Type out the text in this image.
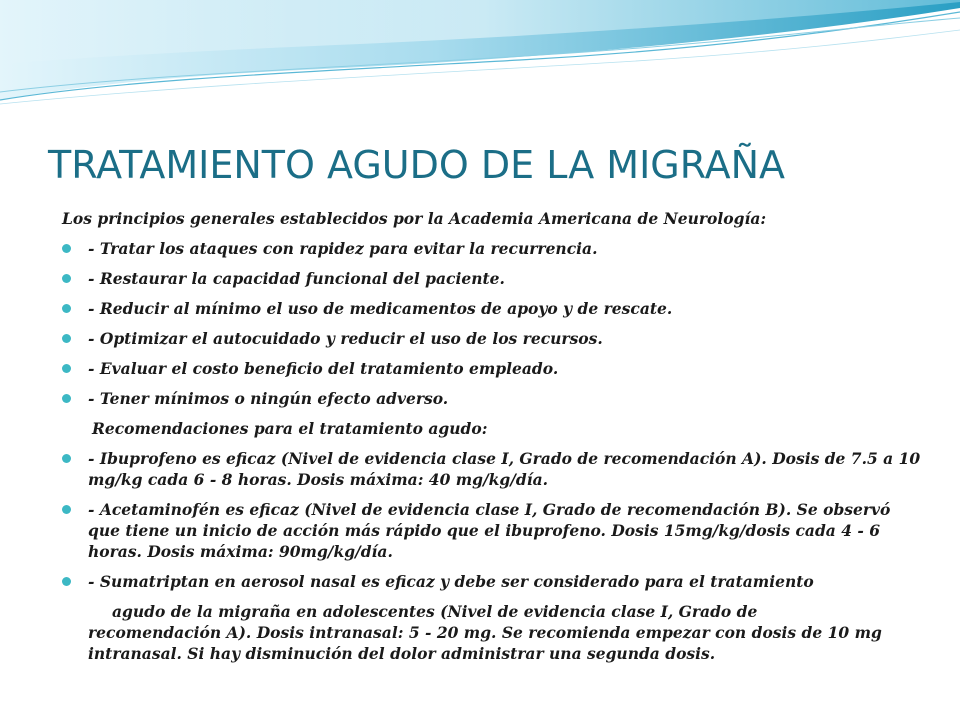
TRATAMIENTO AGUDO DE LA MIGRAÑA

Los principios generales establecidos por la Academia Americana de Neurología:

- Tratar los ataques con rapidez para evitar la recurrencia.
- Restaurar la capacidad funcional del paciente.
- Reducir al mínimo el uso de medicamentos de apoyo y de rescate.
- Optimizar el autocuidado y reducir el uso de los recursos.
- Evaluar el costo beneficio del tratamiento empleado.
- Tener mínimos o ningún efecto adverso.

Recomendaciones para el tratamiento agudo:

- Ibuprofeno es eficaz (Nivel de evidencia clase I, Grado de recomendación A). Dosis de 7.5 a 10 mg/kg cada 6 - 8 horas. Dosis máxima: 40 mg/kg/día.
- Acetaminofén es eficaz (Nivel de evidencia clase I, Grado de recomendación B). Se observó que tiene un inicio de acción más rápido que el ibuprofeno. Dosis 15mg/kg/dosis cada 4 - 6 horas. Dosis máxima: 90mg/kg/día.
- Sumatriptan en aerosol nasal es eficaz y debe ser considerado para el tratamiento
agudo de la migraña en adolescentes (Nivel de evidencia clase I, Grado de
recomendación A). Dosis intranasal: 5 - 20 mg. Se recomienda empezar con dosis de 10 mg intranasal. Si hay disminución del dolor administrar una segunda dosis.
